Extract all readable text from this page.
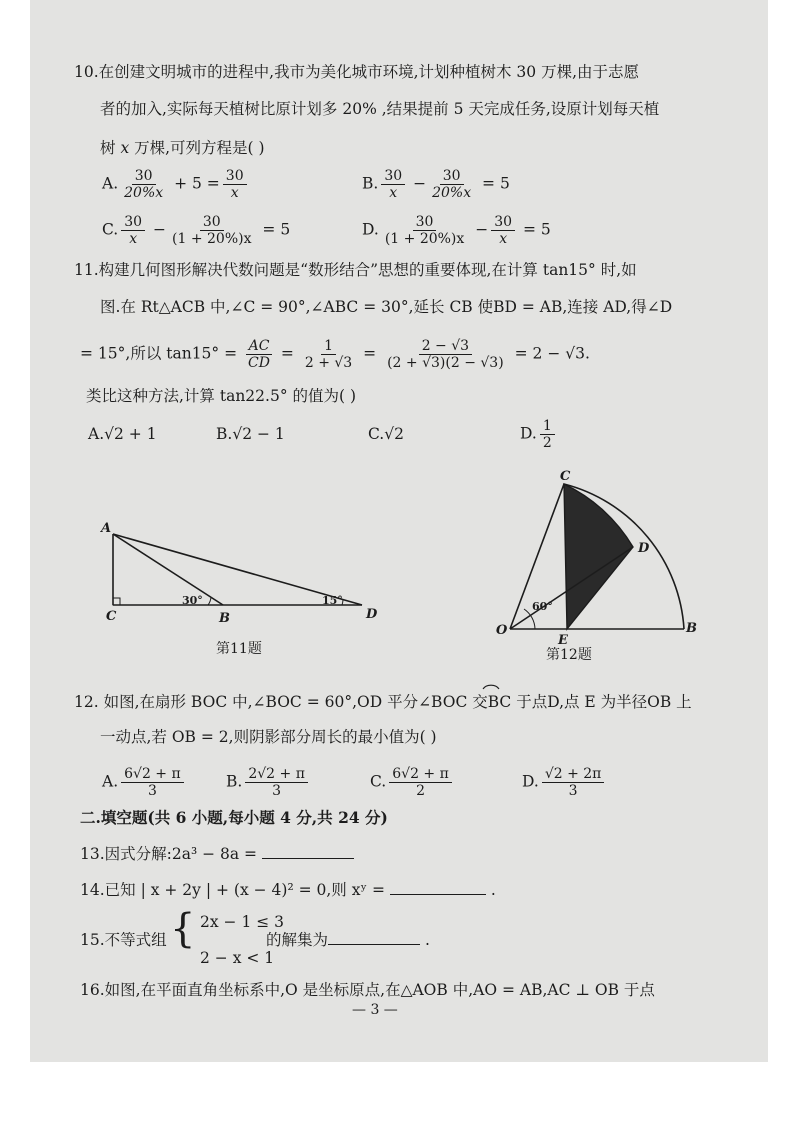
10.在创建文明城市的进程中,我市为美化城市环境,计划种植树木 30 万棵,由于志愿
者的加入,实际每天植树比原计划多 20% ,结果提前 5 天完成任务,设原计划每天植
树 x 万棵,可列方程是( )
A. $\frac{30}{20\%x} + 5 = \frac{30}{x}$	B. $\frac{30}{x} - \frac{30}{20\%x} = 5$
C. $\frac{30}{x} - \frac{30}{(1 + 20\%)x} = 5$	D. $\frac{30}{(1 + 20\%)x} - \frac{30}{x} = 5$
11.构建几何图形解决代数问题是“数形结合”思想的重要体现,在计算 tan15° 时,如
图.在 Rt△ACB 中,∠C = 90°,∠ABC = 30°,延长 CB 使BD = AB,连接 AD,得∠D
= 15°,所以 $\tan 15^\circ = \frac{AC}{CD} = \frac{1}{2 + √3} = \frac{2 - √3}{(2 + √3)(2 - √3)} = 2 - √3$.
类比这种方法,计算 tan22.5° 的值为( )
A.√2 + 1	B.√2 − 1	C.√2	D. $\frac{1}{2}$
A
C	B	D
30°	15°
第11题
C
D
O
E
B
60°
第12题
12. 如图,在扇形 BOC 中,∠BOC = 60°,OD 平分∠BOC 交BC 于点D,点 E 为半径OB 上
一动点,若 OB = 2,则阴影部分周长的最小值为( )
A. $\frac{6√2 + \pi}{3}$	B. $\frac{2√2 + \pi}{3}$	C. $\frac{6√2 + \pi}{2}$	D. $\frac{√2 + 2\pi}{3}$
二.填空题(共 6 小题,每小题 4 分,共 24 分)
13.因式分解:2a³ − 8a =
14.已知 | x + 2y | + (x − 4)² = 0,则 xʸ =	.
15.不等式组 { 2x − 1 ≤ 3
2 − x < 1
的解集为	.
16.如图,在平面直角坐标系中,O 是坐标原点,在△AOB 中,AO = AB,AC ⊥ OB 于点
— 3 —
